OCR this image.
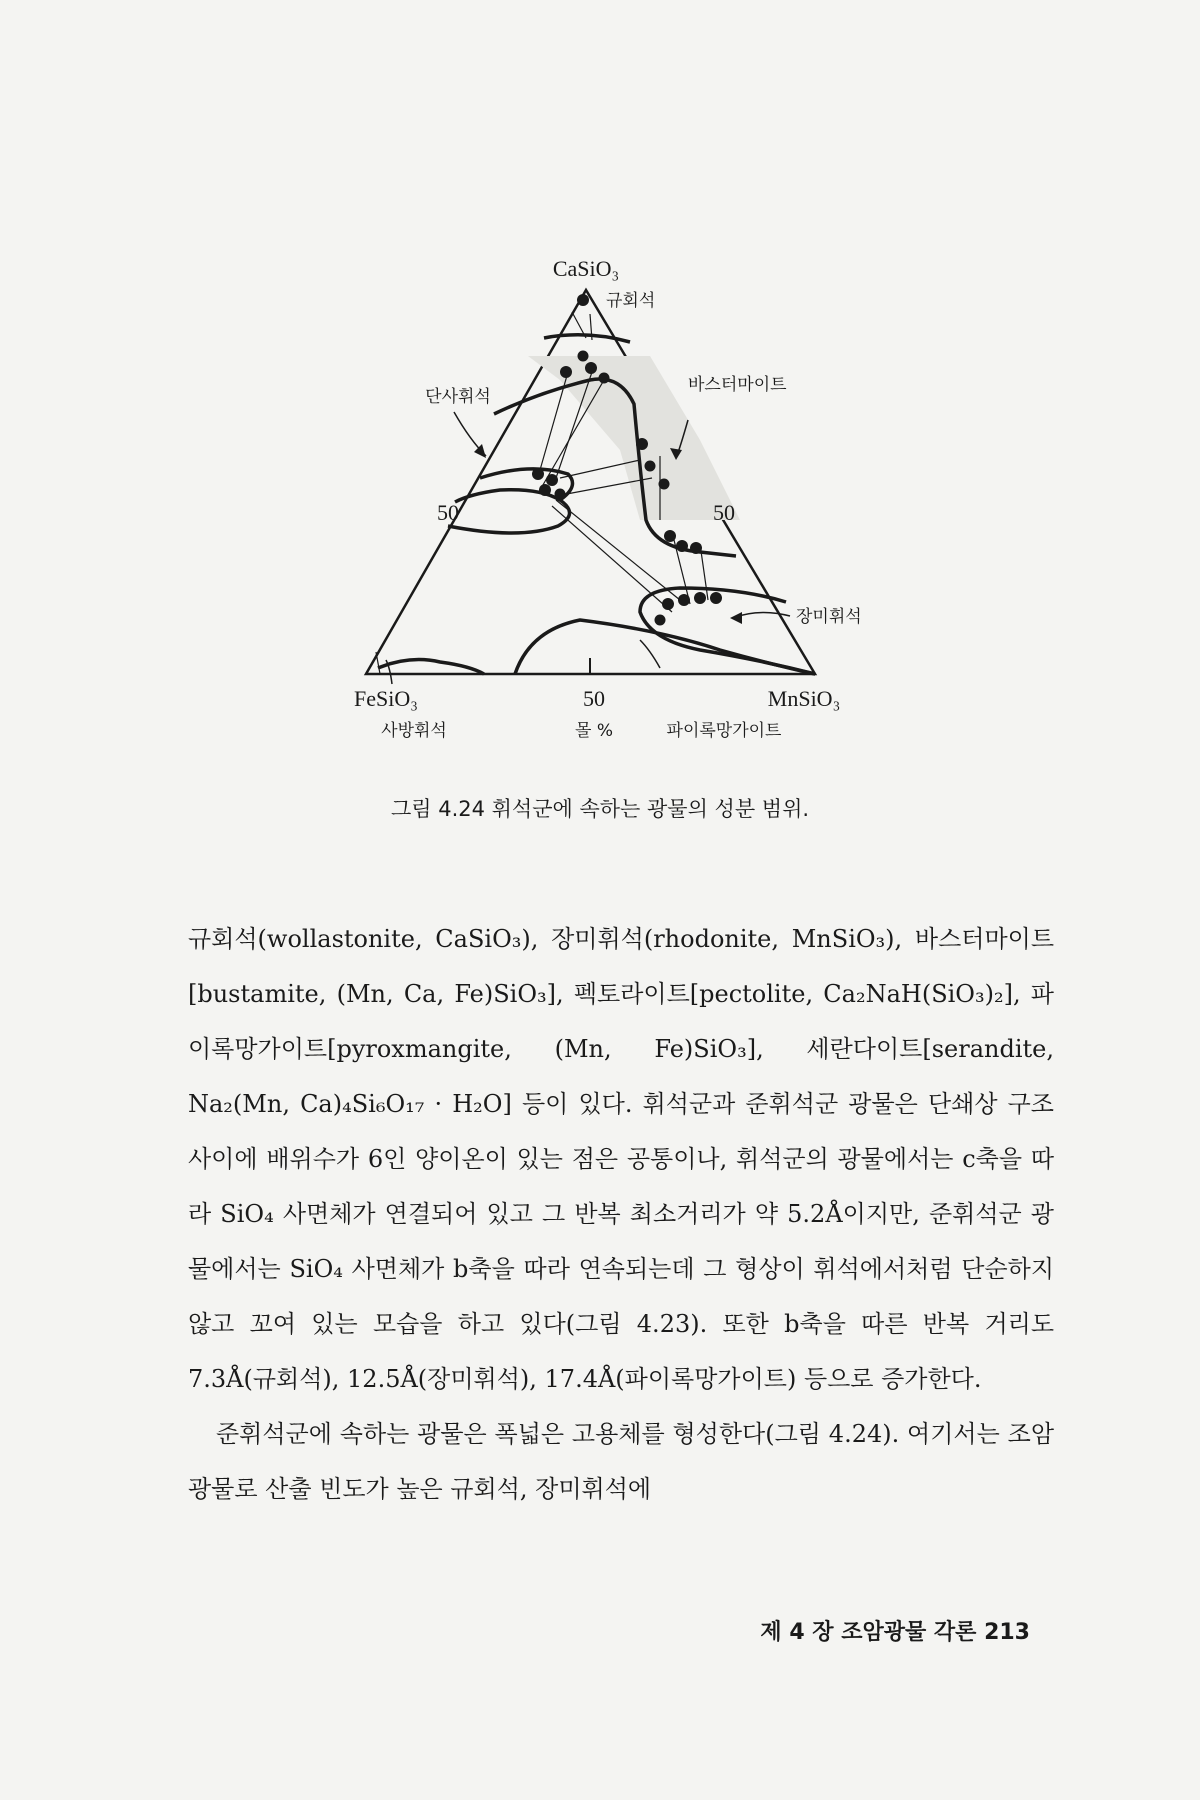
CaSiO₃
FeSiO₃	MnSiO₃
50	50
50
몰 %
규회석
단사휘석
바스터마이트
장미휘석
사방휘석	파이록망가이트
그림 4.24 휘석군에 속하는 광물의 성분 범위.

규회석(wollastonite, CaSiO₃), 장미휘석(rhodonite, MnSiO₃), 바스터마이트[bustamite, (Mn, Ca, Fe)SiO₃], 펙토라이트[pectolite, Ca₂NaH(SiO₃)₂], 파이록망가이트[pyroxmangite, (Mn, Fe)SiO₃], 세란다이트[serandite, Na₂(Mn, Ca)₄Si₆O₁₇ · H₂O] 등이 있다. 휘석군과 준휘석군 광물은 단쇄상 구조 사이에 배위수가 6인 양이온이 있는 점은 공통이나, 휘석군의 광물에서는 c축을 따라 SiO₄ 사면체가 연결되어 있고 그 반복 최소거리가 약 5.2Å이지만, 준휘석군 광물에서는 SiO₄ 사면체가 b축을 따라 연속되는데 그 형상이 휘석에서처럼 단순하지 않고 꼬여 있는 모습을 하고 있다(그림 4.23). 또한 b축을 따른 반복 거리도 7.3Å(규회석), 12.5Å(장미휘석), 17.4Å(파이록망가이트) 등으로 증가한다.

준휘석군에 속하는 광물은 폭넓은 고용체를 형성한다(그림 4.24). 여기서는 조암광물로 산출 빈도가 높은 규회석, 장미휘석에

제 4 장 조암광물 각론 213
